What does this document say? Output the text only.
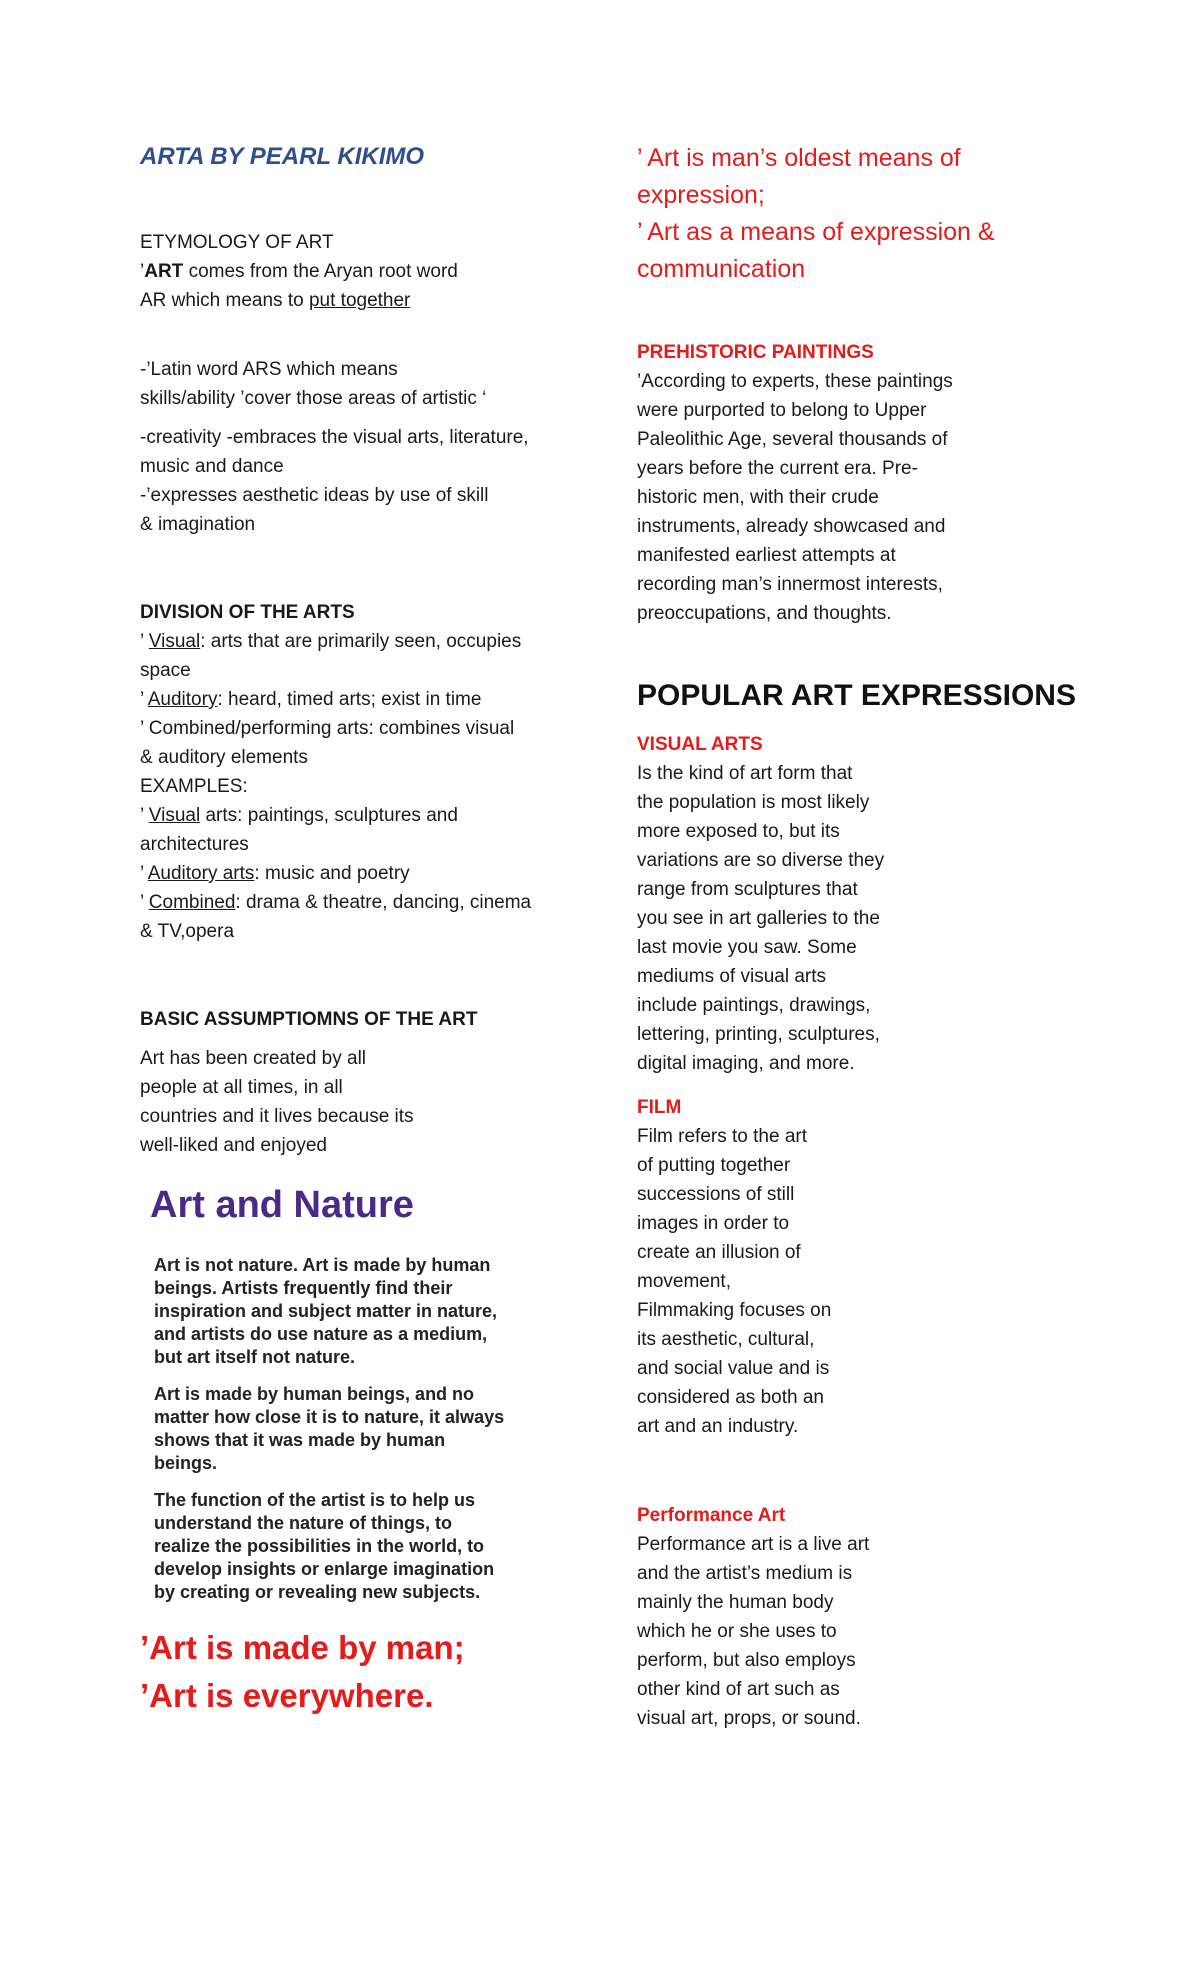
ARTA BY PEARL KIKIMO

ETYMOLOGY OF ART

’ART comes from the Aryan root word

AR which means to put together

-’Latin word ARS which means

skills/ability ’cover those areas of artistic ‘

-creativity -embraces the visual arts, literature,

music and dance

-’expresses aesthetic ideas by use of skill

& imagination

DIVISION OF THE ARTS

’ Visual: arts that are primarily seen, occupies

space

’ Auditory: heard, timed arts; exist in time

’ Combined/performing arts: combines visual

& auditory elements

EXAMPLES:

’ Visual arts: paintings, sculptures and

architectures

’ Auditory arts: music and poetry

’ Combined: drama & theatre, dancing, cinema

& TV,opera

BASIC ASSUMPTIOMNS OF THE ART

Art has been created by all

people at all times, in all

countries and it lives because its

well-liked and enjoyed

Art and Nature

Art is not nature. Art is made by human beings. Artists frequently find their inspiration and subject matter in nature, and artists do use nature as a medium, but art itself not nature.

Art is made by human beings, and no matter how close it is to nature, it always shows that it was made by human beings.

The function of the artist is to help us understand the nature of things, to realize the possibilities in the world, to develop insights or enlarge imagination by creating or revealing new subjects.

’Art is made by man;

’Art is everywhere.

’ Art is man’s oldest means of

expression;

’ Art as a means of expression &

communication

PREHISTORIC PAINTINGS

’According to experts, these paintings

were purported to belong to Upper

Paleolithic Age, several thousands of

years before the current era. Pre-

historic men, with their crude

instruments, already showcased and

manifested earliest attempts at

recording man’s innermost interests,

preoccupations, and thoughts.

POPULAR ART EXPRESSIONS

VISUAL ARTS

Is the kind of art form that

the population is most likely

more exposed to, but its

variations are so diverse they

range from sculptures that

you see in art galleries to the

last movie you saw. Some

mediums of visual arts

include paintings, drawings,

lettering, printing, sculptures,

digital imaging, and more.

FILM

Film refers to the art

of putting together

successions of still

images in order to

create an illusion of

movement,

Filmmaking focuses on

its aesthetic, cultural,

and social value and is

considered as both an

art and an industry.

Performance Art

Performance art is a live art

and the artist’s medium is

mainly the human body

which he or she uses to

perform, but also employs

other kind of art such as

visual art, props, or sound.
